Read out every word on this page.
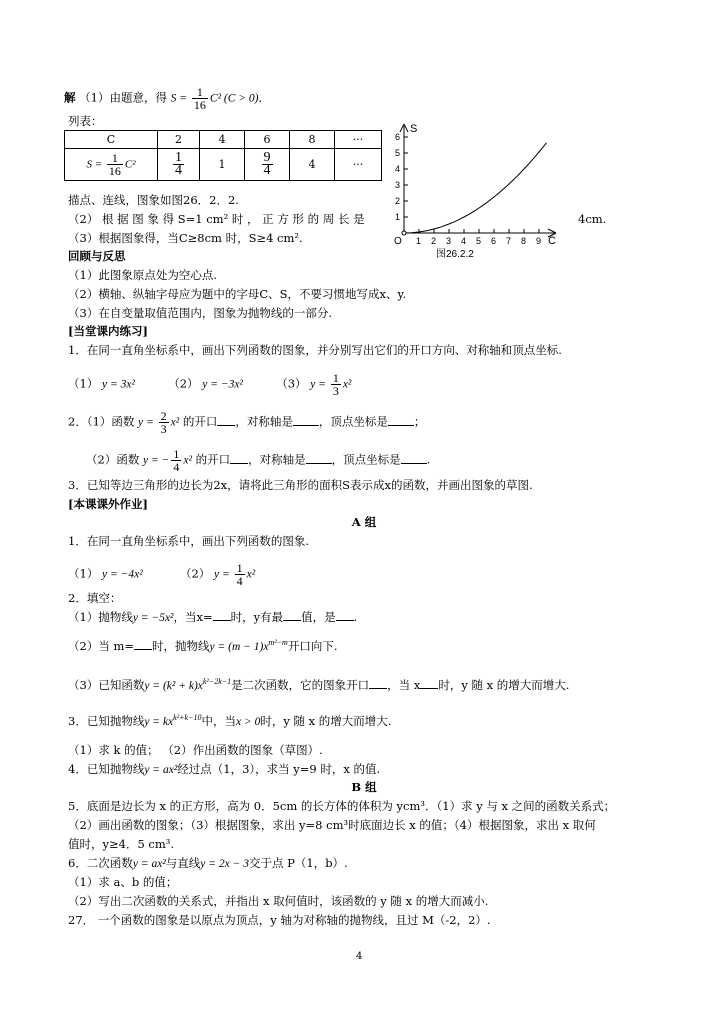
解 （1）由题意，得 $S = \frac{1}{16} C^2$ (C > 0)．
列表：
C	2	4	6	8	···
$S = \frac{1}{16} C^2$	$\frac{1}{4}$	1	$\frac{9}{4}$	4	···
描点、连线，图象如图26．2．2.
（2） 根 据 图 象 得 S=1 cm² 时 ， 正 方 形 的 周 长 是	4cm.
（3）根据图象得，当C≥8cm 时，S≥4 cm².
S
C
O
1
2
3
4
5
6
1 2 3 4 5 6 7 8 9
图26.2.2
回顾与反思
（1）此图象原点处为空心点.
（2）横轴、纵轴字母应为题中的字母C、S，不要习惯地写成x、y.
（3）在自变量取值范围内，图象为抛物线的一部分.
[当堂课内练习]
1．在同一直角坐标系中，画出下列函数的图象，并分别写出它们的开口方向、对称轴和顶点坐标.
（1） y = 3x²	（2） y = −3x²	（3） $y = \frac{1}{3} x^2$
2．（1）函数 $y = \frac{2}{3} x^2$ 的开口 ，对称轴是 ，顶点坐标是 ；
（2）函数 y = − $\frac{1}{4} x^2$ 的开口 ，对称轴是 ，顶点坐标是 .
3．已知等边三角形的边长为2x，请将此三角形的面积S表示成x的函数，并画出图象的草图.
[本课课外作业]
A 组
1．在同一直角坐标系中，画出下列函数的图象.
（1） y = −4x²	（2） $y = \frac{1}{4} x^2$
2．填空：
（1）抛物线y = −5x²，当x= 时，y有最 值，是 .
（2）当 m= 时，抛物线$y = (m - 1)x^{m^2-m}$开口向下.
（3）已知函数$y = (k^2 + k)x^{k^2-2k-1}$是二次函数，它的图象开口 ，当 x 时，y 随 x 的增大而增大.
3．已知抛物线$y = kx^{k^2+k-10}$中，当x > 0时，y 随 x 的增大而增大.
（1）求 k 的值； （2）作出函数的图象（草图）.
4．已知抛物线y = ax²经过点（1，3），求当 y=9 时，x 的值.
B 组
5．底面是边长为 x 的正方形，高为 0．5cm 的长方体的体积为 ycm³．（1）求 y 与 x 之间的函数关系式；
（2）画出函数的图象；（3）根据图象，求出 y=8 cm³时底面边长 x 的值；（4）根据图象，求出 x 取何
值时，y≥4．5 cm³.
6．二次函数y = ax²与直线y = 2x − 3交于点 P（1，b）.
（1）求 a、b 的值；
（2）写出二次函数的关系式，并指出 x 取何值时，该函数的 y 随 x 的增大而减小.
27． 一个函数的图象是以原点为顶点，y 轴为对称轴的抛物线，且过 M（-2，2）.
4
